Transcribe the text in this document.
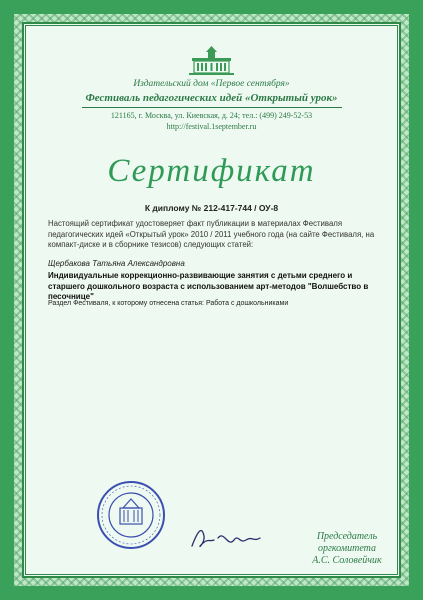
Издательский дом «Первое сентября»
Фестиваль педагогических идей «Открытый урок»
121165, г. Москва, ул. Киевская, д. 24; тел.: (499) 249-52-53
http://festival.1september.ru
Сертификат
К диплому № 212-417-744 / ОУ-8
Настоящий сертификат удостоверяет факт публикации в материалах Фестиваля педагогических идей «Открытый урок» 2010 / 2011 учебного года (на сайте Фестиваля, на компакт-диске и в сборнике тезисов) следующих статей:
Щербакова Татьяна Александровна
Индивидуальные коррекционно-развивающие занятия с детьми среднего и старшего дошкольного возраста с использованием арт-методов "Волшебство в песочнице"
Раздел Фестиваля, к которому отнесена статья: Работа с дошкольниками
Председатель
оргкомитета
А.С. Соловейчик
